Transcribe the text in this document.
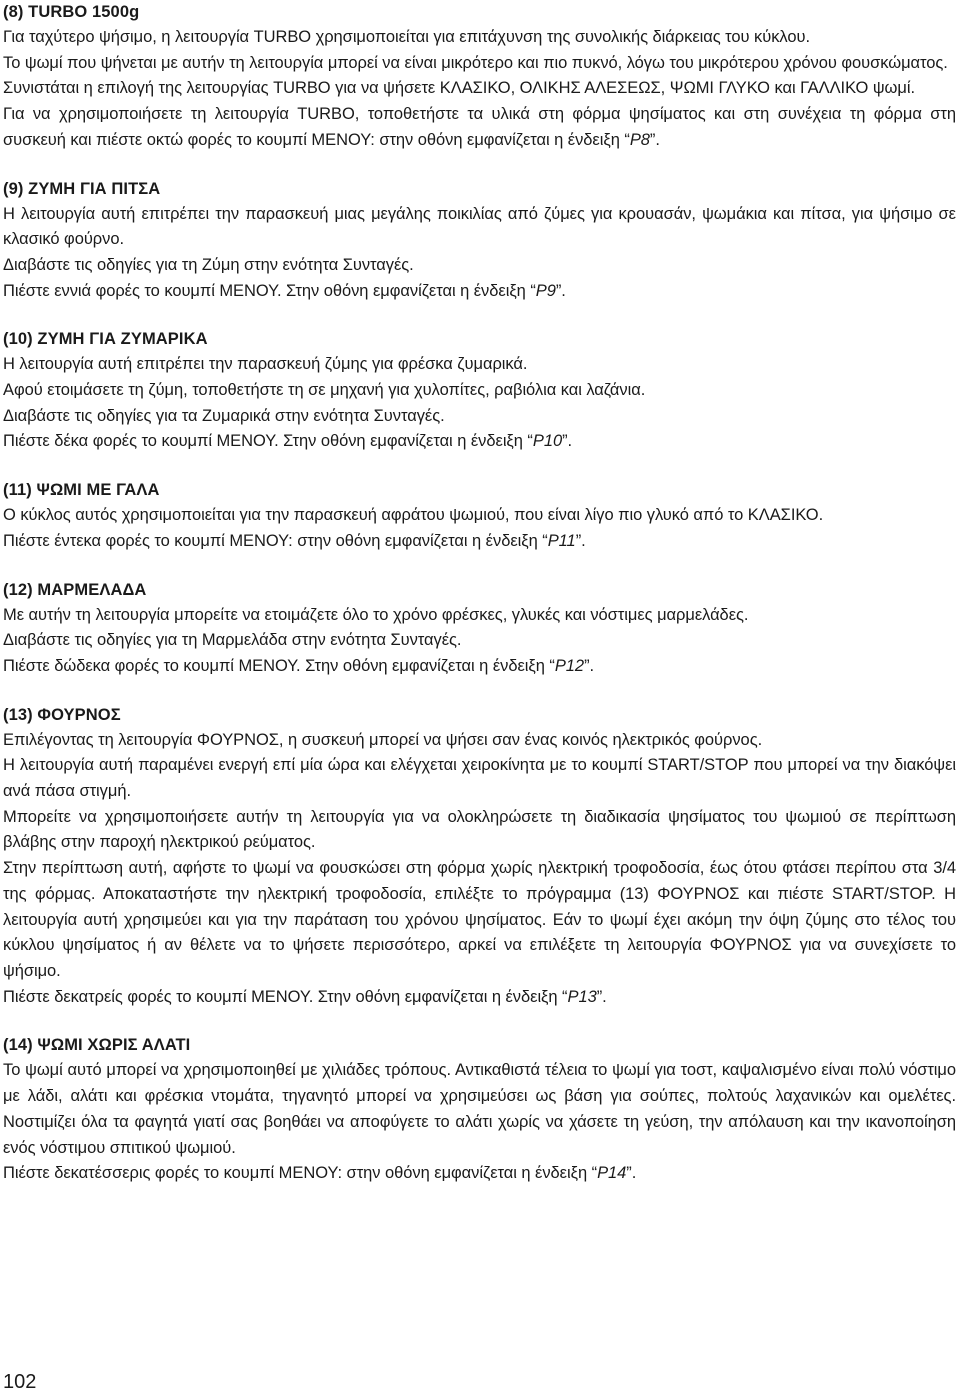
(8) TURBO 1500g

Για ταχύτερο ψήσιμο, η λειτουργία TURBO χρησιμοποιείται για επιτάχυνση της συνολικής διάρκειας του κύκλου.

Το ψωμί που ψήνεται με αυτήν τη λειτουργία μπορεί να είναι μικρότερο και πιο πυκνό, λόγω του μικρότερου χρόνου φουσκώματος.

Συνιστάται η επιλογή της λειτουργίας TURBO για να ψήσετε ΚΛΑΣΙΚΟ, ΟΛΙΚΗΣ ΑΛΕΣΕΩΣ, ΨΩΜΙ ΓΛΥΚΟ και ΓΑΛΛΙΚΟ ψωμί.

Για να χρησιμοποιήσετε τη λειτουργία TURBO, τοποθετήστε τα υλικά στη φόρμα ψησίματος και στη συνέχεια τη φόρμα στη συσκευή και πιέστε οκτώ φορές το κουμπί ΜΕΝΟΥ: στην οθόνη εμφανίζεται η ένδειξη “P8”.

(9) ΖΥΜΗ ΓΙΑ ΠΙΤΣΑ

Η λειτουργία αυτή επιτρέπει την παρασκευή μιας μεγάλης ποικιλίας από ζύμες για κρουασάν, ψωμάκια και πίτσα, για ψήσιμο σε κλασικό φούρνο.

Διαβάστε τις οδηγίες για τη Ζύμη στην ενότητα Συνταγές.

Πιέστε εννιά φορές το κουμπί ΜΕΝΟΥ. Στην οθόνη εμφανίζεται η ένδειξη “P9”.

(10) ΖΥΜΗ ΓΙΑ ΖΥΜΑΡΙΚΑ

Η λειτουργία αυτή επιτρέπει την παρασκευή ζύμης για φρέσκα ζυμαρικά.

Αφού ετοιμάσετε τη ζύμη, τοποθετήστε τη σε μηχανή για χυλοπίτες, ραβιόλια και λαζάνια.

Διαβάστε τις οδηγίες για τα Ζυμαρικά στην ενότητα Συνταγές.

Πιέστε δέκα φορές το κουμπί ΜΕΝΟΥ. Στην οθόνη εμφανίζεται η ένδειξη “P10”.

(11) ΨΩΜΙ ΜΕ ΓΑΛΑ

Ο κύκλος αυτός χρησιμοποιείται για την παρασκευή αφράτου ψωμιού, που είναι λίγο πιο γλυκό από το ΚΛΑΣΙΚΟ.

Πιέστε έντεκα φορές το κουμπί ΜΕΝΟΥ: στην οθόνη εμφανίζεται η ένδειξη “P11”.

(12) ΜΑΡΜΕΛΑΔΑ

Με αυτήν τη λειτουργία μπορείτε να ετοιμάζετε όλο το χρόνο φρέσκες, γλυκές και νόστιμες μαρμελάδες.

Διαβάστε τις οδηγίες για τη Μαρμελάδα στην ενότητα Συνταγές.

Πιέστε δώδεκα φορές το κουμπί ΜΕΝΟΥ. Στην οθόνη εμφανίζεται η ένδειξη “P12”.

(13) ΦΟΥΡΝΟΣ

Επιλέγοντας τη λειτουργία ΦΟΥΡΝΟΣ, η συσκευή μπορεί να ψήσει σαν ένας κοινός ηλεκτρικός φούρνος.

Η λειτουργία αυτή παραμένει ενεργή επί μία ώρα και ελέγχεται χειροκίνητα με το κουμπί START/STOP που μπορεί να την διακόψει ανά πάσα στιγμή.

Μπορείτε να χρησιμοποιήσετε αυτήν τη λειτουργία για να ολοκληρώσετε τη διαδικασία ψησίματος του ψωμιού σε περίπτωση βλάβης στην παροχή ηλεκτρικού ρεύματος.

Στην περίπτωση αυτή, αφήστε το ψωμί να φουσκώσει στη φόρμα χωρίς ηλεκτρική τροφοδοσία, έως ότου φτάσει περίπου στα 3/4 της φόρμας. Αποκαταστήστε την ηλεκτρική τροφοδοσία, επιλέξτε το πρόγραμμα (13) ΦΟΥΡΝΟΣ και πιέστε START/STOP. Η λειτουργία αυτή χρησιμεύει και για την παράταση του χρόνου ψησίματος. Εάν το ψωμί έχει ακόμη την όψη ζύμης στο τέλος του κύκλου ψησίματος ή αν θέλετε να το ψήσετε περισσότερο, αρκεί να επιλέξετε τη λειτουργία ΦΟΥΡΝΟΣ για να συνεχίσετε το ψήσιμο.

Πιέστε δεκατρείς φορές το κουμπί ΜΕΝΟΥ. Στην οθόνη εμφανίζεται η ένδειξη “P13”.

(14) ΨΩΜΙ ΧΩΡΙΣ ΑΛΑΤΙ

Το ψωμί αυτό μπορεί να χρησιμοποιηθεί με χιλιάδες τρόπους. Αντικαθιστά τέλεια το ψωμί για τοστ, καψαλισμένο είναι πολύ νόστιμο με λάδι, αλάτι και φρέσκια ντομάτα, τηγανητό μπορεί να χρησιμεύσει ως βάση για σούπες, πολτούς λαχανικών και ομελέτες. Νοστιμίζει όλα τα φαγητά γιατί σας βοηθάει να αποφύγετε το αλάτι χωρίς να χάσετε τη γεύση, την απόλαυση και την ικανοποίηση ενός νόστιμου σπιτικού ψωμιού.

Πιέστε δεκατέσσερις φορές το κουμπί ΜΕΝΟΥ: στην οθόνη εμφανίζεται η ένδειξη “P14”.

102
